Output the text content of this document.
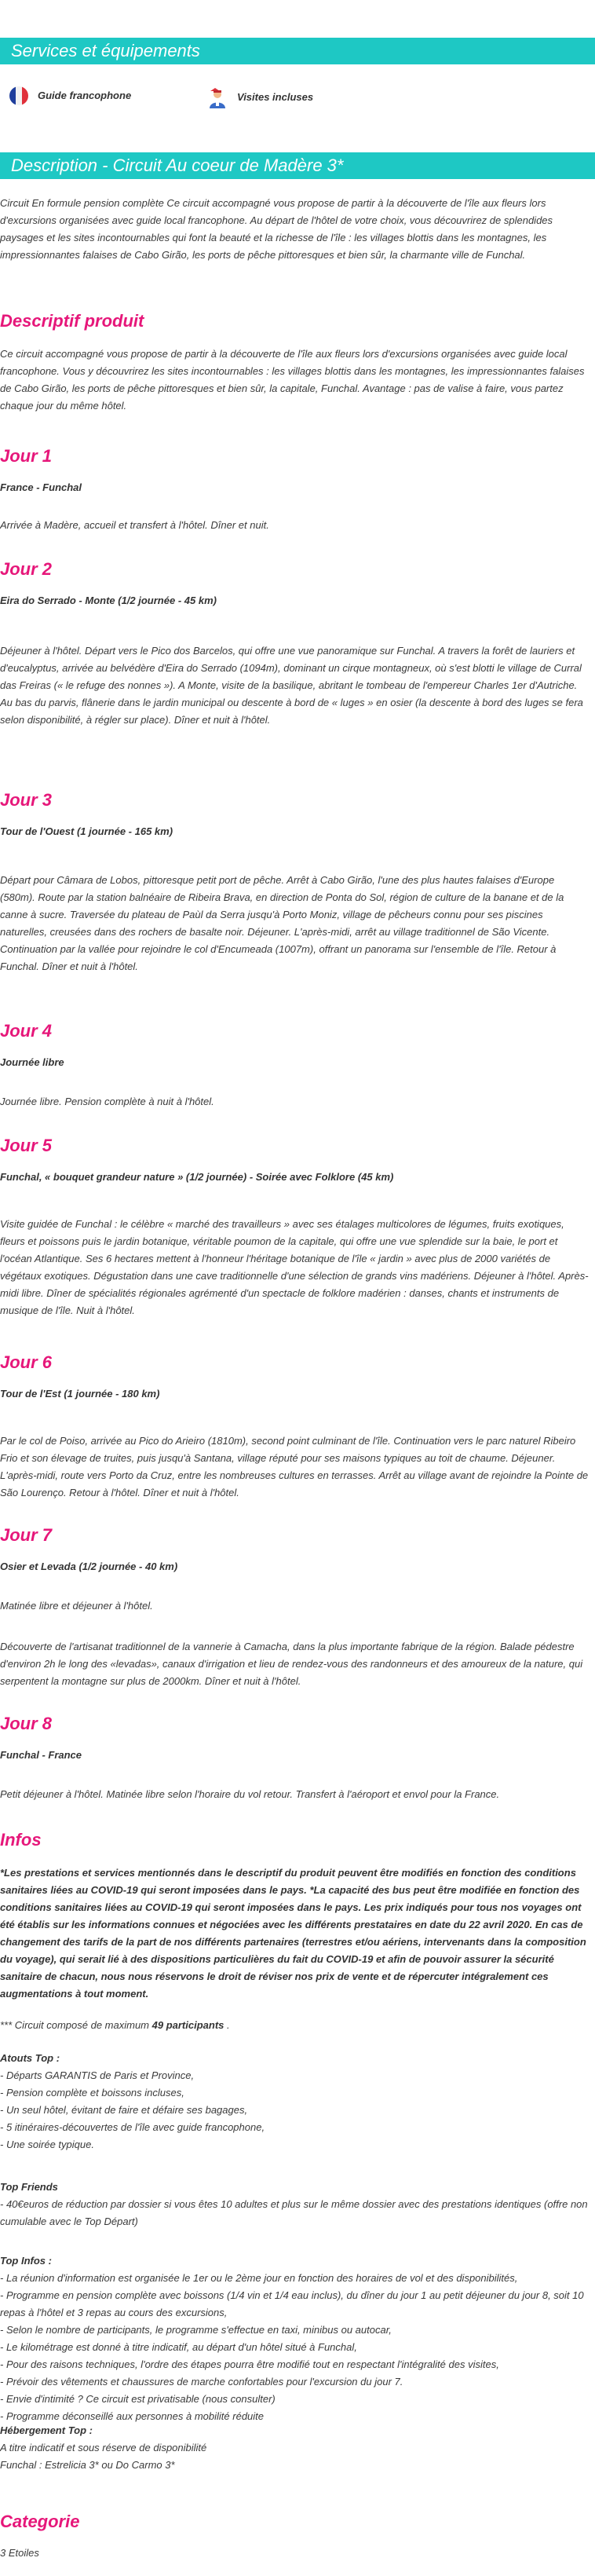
Services et équipements
Guide francophone	Visites incluses
Description - Circuit Au coeur de Madère 3*
Circuit En formule pension complète Ce circuit accompagné vous propose de partir à la découverte de l'île aux fleurs lors d'excursions organisées avec guide local francophone. Au départ de l'hôtel de votre choix, vous découvrirez de splendides paysages et les sites incontournables qui font la beauté et la richesse de l'île : les villages blottis dans les montagnes, les impressionnantes falaises de Cabo Girão, les ports de pêche pittoresques et bien sûr, la charmante ville de Funchal.
Descriptif produit
Ce circuit accompagné vous propose de partir à la découverte de l'île aux fleurs lors d'excursions organisées avec guide local francophone. Vous y découvrirez les sites incontournables : les villages blottis dans les montagnes, les impressionnantes falaises de Cabo Girão, les ports de pêche pittoresques et bien sûr, la capitale, Funchal. Avantage : pas de valise à faire, vous partez chaque jour du même hôtel.
Jour 1
France - Funchal
Arrivée à Madère, accueil et transfert à l'hôtel. Dîner et nuit.
Jour 2
Eira do Serrado - Monte (1/2 journée - 45 km)
Déjeuner à l'hôtel. Départ vers le Pico dos Barcelos, qui offre une vue panoramique sur Funchal. A travers la forêt de lauriers et d'eucalyptus, arrivée au belvédère d'Eira do Serrado (1094m), dominant un cirque montagneux, où s'est blotti le village de Curral das Freiras (« le refuge des nonnes »). A Monte, visite de la basilique, abritant le tombeau de l'empereur Charles 1er d'Autriche. Au bas du parvis, flânerie dans le jardin municipal ou descente à bord de « luges » en osier (la descente à bord des luges se fera selon disponibilité, à régler sur place). Dîner et nuit à l'hôtel.
Jour 3
Tour de l'Ouest (1 journée - 165 km)
Départ pour Câmara de Lobos, pittoresque petit port de pêche. Arrêt à Cabo Girão, l'une des plus hautes falaises d'Europe (580m). Route par la station balnéaire de Ribeira Brava, en direction de Ponta do Sol, région de culture de la banane et de la canne à sucre. Traversée du plateau de Paùl da Serra jusqu'à Porto Moniz, village de pêcheurs connu pour ses piscines naturelles, creusées dans des rochers de basalte noir. Déjeuner. L'après-midi, arrêt au village traditionnel de São Vicente. Continuation par la vallée pour rejoindre le col d'Encumeada (1007m), offrant un panorama sur l'ensemble de l'île. Retour à Funchal. Dîner et nuit à l'hôtel.
Jour 4
Journée libre
Journée libre. Pension complète à nuit à l'hôtel.
Jour 5
Funchal, « bouquet grandeur nature » (1/2 journée) - Soirée avec Folklore (45 km)
Visite guidée de Funchal : le célèbre « marché des travailleurs » avec ses étalages multicolores de légumes, fruits exotiques, fleurs et poissons puis le jardin botanique, véritable poumon de la capitale, qui offre une vue splendide sur la baie, le port et l'océan Atlantique. Ses 6 hectares mettent à l'honneur l'héritage botanique de l'île « jardin » avec plus de 2000 variétés de végétaux exotiques. Dégustation dans une cave traditionnelle d'une sélection de grands vins madériens. Déjeuner à l'hôtel. Après-midi libre. Dîner de spécialités régionales agrémenté d'un spectacle de folklore madérien : danses, chants et instruments de musique de l'île. Nuit à l'hôtel.
Jour 6
Tour de l'Est (1 journée - 180 km)
Par le col de Poiso, arrivée au Pico do Arieiro (1810m), second point culminant de l'île. Continuation vers le parc naturel Ribeiro Frio et son élevage de truites, puis jusqu'à Santana, village réputé pour ses maisons typiques au toit de chaume. Déjeuner. L'après-midi, route vers Porto da Cruz, entre les nombreuses cultures en terrasses. Arrêt au village avant de rejoindre la Pointe de São Lourenço. Retour à l'hôtel. Dîner et nuit à l'hôtel.
Jour 7
Osier et Levada (1/2 journée - 40 km)
Matinée libre et déjeuner à l'hôtel.
Découverte de l'artisanat traditionnel de la vannerie à Camacha, dans la plus importante fabrique de la région. Balade pédestre d'environ 2h le long des «levadas», canaux d'irrigation et lieu de rendez-vous des randonneurs et des amoureux de la nature, qui serpentent la montagne sur plus de 2000km. Dîner et nuit à l'hôtel.
Jour 8
Funchal - France
Petit déjeuner à l'hôtel. Matinée libre selon l'horaire du vol retour. Transfert à l'aéroport et envol pour la France.
Infos
*Les prestations et services mentionnés dans le descriptif du produit peuvent être modifiés en fonction des conditions sanitaires liées au COVID-19 qui seront imposées dans le pays. *La capacité des bus peut être modifiée en fonction des conditions sanitaires liées au COVID-19 qui seront imposées dans le pays. Les prix indiqués pour tous nos voyages ont été établis sur les informations connues et négociées avec les différents prestataires en date du 22 avril 2020. En cas de changement des tarifs de la part de nos différents partenaires (terrestres et/ou aériens, intervenants dans la composition du voyage), qui serait lié à des dispositions particulières du fait du COVID-19 et afin de pouvoir assurer la sécurité sanitaire de chacun, nous nous réservons le droit de réviser nos prix de vente et de répercuter intégralement ces augmentations à tout moment.
*** Circuit composé de maximum 49 participants .
Atouts Top :
- Départs GARANTIS de Paris et Province,
- Pension complète et boissons incluses,
- Un seul hôtel, évitant de faire et défaire ses bagages,
- 5 itinéraires-découvertes de l'île avec guide francophone,
- Une soirée typique.
Top Friends
- 40€euros de réduction par dossier si vous êtes 10 adultes et plus sur le même dossier avec des prestations identiques (offre non cumulable avec le Top Départ)
Top Infos :
- La réunion d'information est organisée le 1er ou le 2ème jour en fonction des horaires de vol et des disponibilités,
- Programme en pension complète avec boissons (1/4 vin et 1/4 eau inclus), du dîner du jour 1 au petit déjeuner du jour 8, soit 10 repas à l'hôtel et 3 repas au cours des excursions,
- Selon le nombre de participants, le programme s'effectue en taxi, minibus ou autocar,
- Le kilométrage est donné à titre indicatif, au départ d'un hôtel situé à Funchal,
- Pour des raisons techniques, l'ordre des étapes pourra être modifié tout en respectant l'intégralité des visites,
- Prévoir des vêtements et chaussures de marche confortables pour l'excursion du jour 7.
- Envie d'intimité ? Ce circuit est privatisable (nous consulter)
- Programme déconseillé aux personnes à mobilité réduite
Hébergement Top :
A titre indicatif et sous réserve de disponibilité
Funchal : Estrelicia 3* ou Do Carmo 3*
Categorie
3 Etoiles
